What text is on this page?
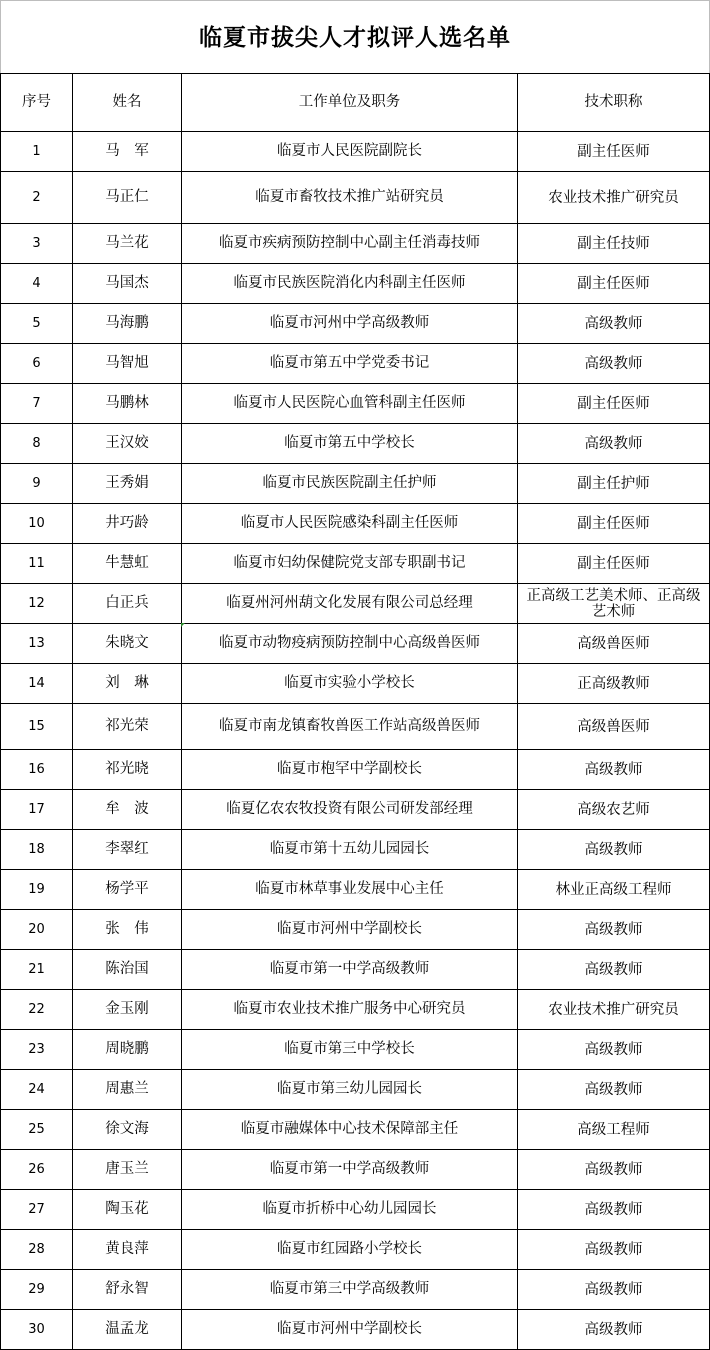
临夏市拔尖人才拟评人选名单			
序号	姓名	工作单位及职务	技术职称
1	马　军	临夏市人民医院副院长	副主任医师
2	马正仁	临夏市畜牧技术推广站研究员	农业技术推广研究员
3	马兰花	临夏市疾病预防控制中心副主任消毒技师	副主任技师
4	马国杰	临夏市民族医院消化内科副主任医师	副主任医师
5	马海鹏	临夏市河州中学高级教师	高级教师
6	马智旭	临夏市第五中学党委书记	高级教师
7	马鹏林	临夏市人民医院心血管科副主任医师	副主任医师
8	王汉姣	临夏市第五中学校长	高级教师
9	王秀娟	临夏市民族医院副主任护师	副主任护师
10	井巧龄	临夏市人民医院感染科副主任医师	副主任医师
11	牛慧虹	临夏市妇幼保健院党支部专职副书记	副主任医师
12	白正兵	临夏州河州葫文化发展有限公司总经理	正高级工艺美术师、正高级艺术师
13	朱晓文	临夏市动物疫病预防控制中心高级兽医师	高级兽医师
14	刘　琳	临夏市实验小学校长	正高级教师
15	祁光荣	临夏市南龙镇畜牧兽医工作站高级兽医师	高级兽医师
16	祁光晓	临夏市枹罕中学副校长	高级教师
17	牟　波	临夏亿农农牧投资有限公司研发部经理	高级农艺师
18	李翠红	临夏市第十五幼儿园园长	高级教师
19	杨学平	临夏市林草事业发展中心主任	林业正高级工程师
20	张　伟	临夏市河州中学副校长	高级教师
21	陈治国	临夏市第一中学高级教师	高级教师
22	金玉刚	临夏市农业技术推广服务中心研究员	农业技术推广研究员
23	周晓鹏	临夏市第三中学校长	高级教师
24	周惠兰	临夏市第三幼儿园园长	高级教师
25	徐文海	临夏市融媒体中心技术保障部主任	高级工程师
26	唐玉兰	临夏市第一中学高级教师	高级教师
27	陶玉花	临夏市折桥中心幼儿园园长	高级教师
28	黄良萍	临夏市红园路小学校长	高级教师
29	舒永智	临夏市第三中学高级教师	高级教师
30	温孟龙	临夏市河州中学副校长	高级教师
